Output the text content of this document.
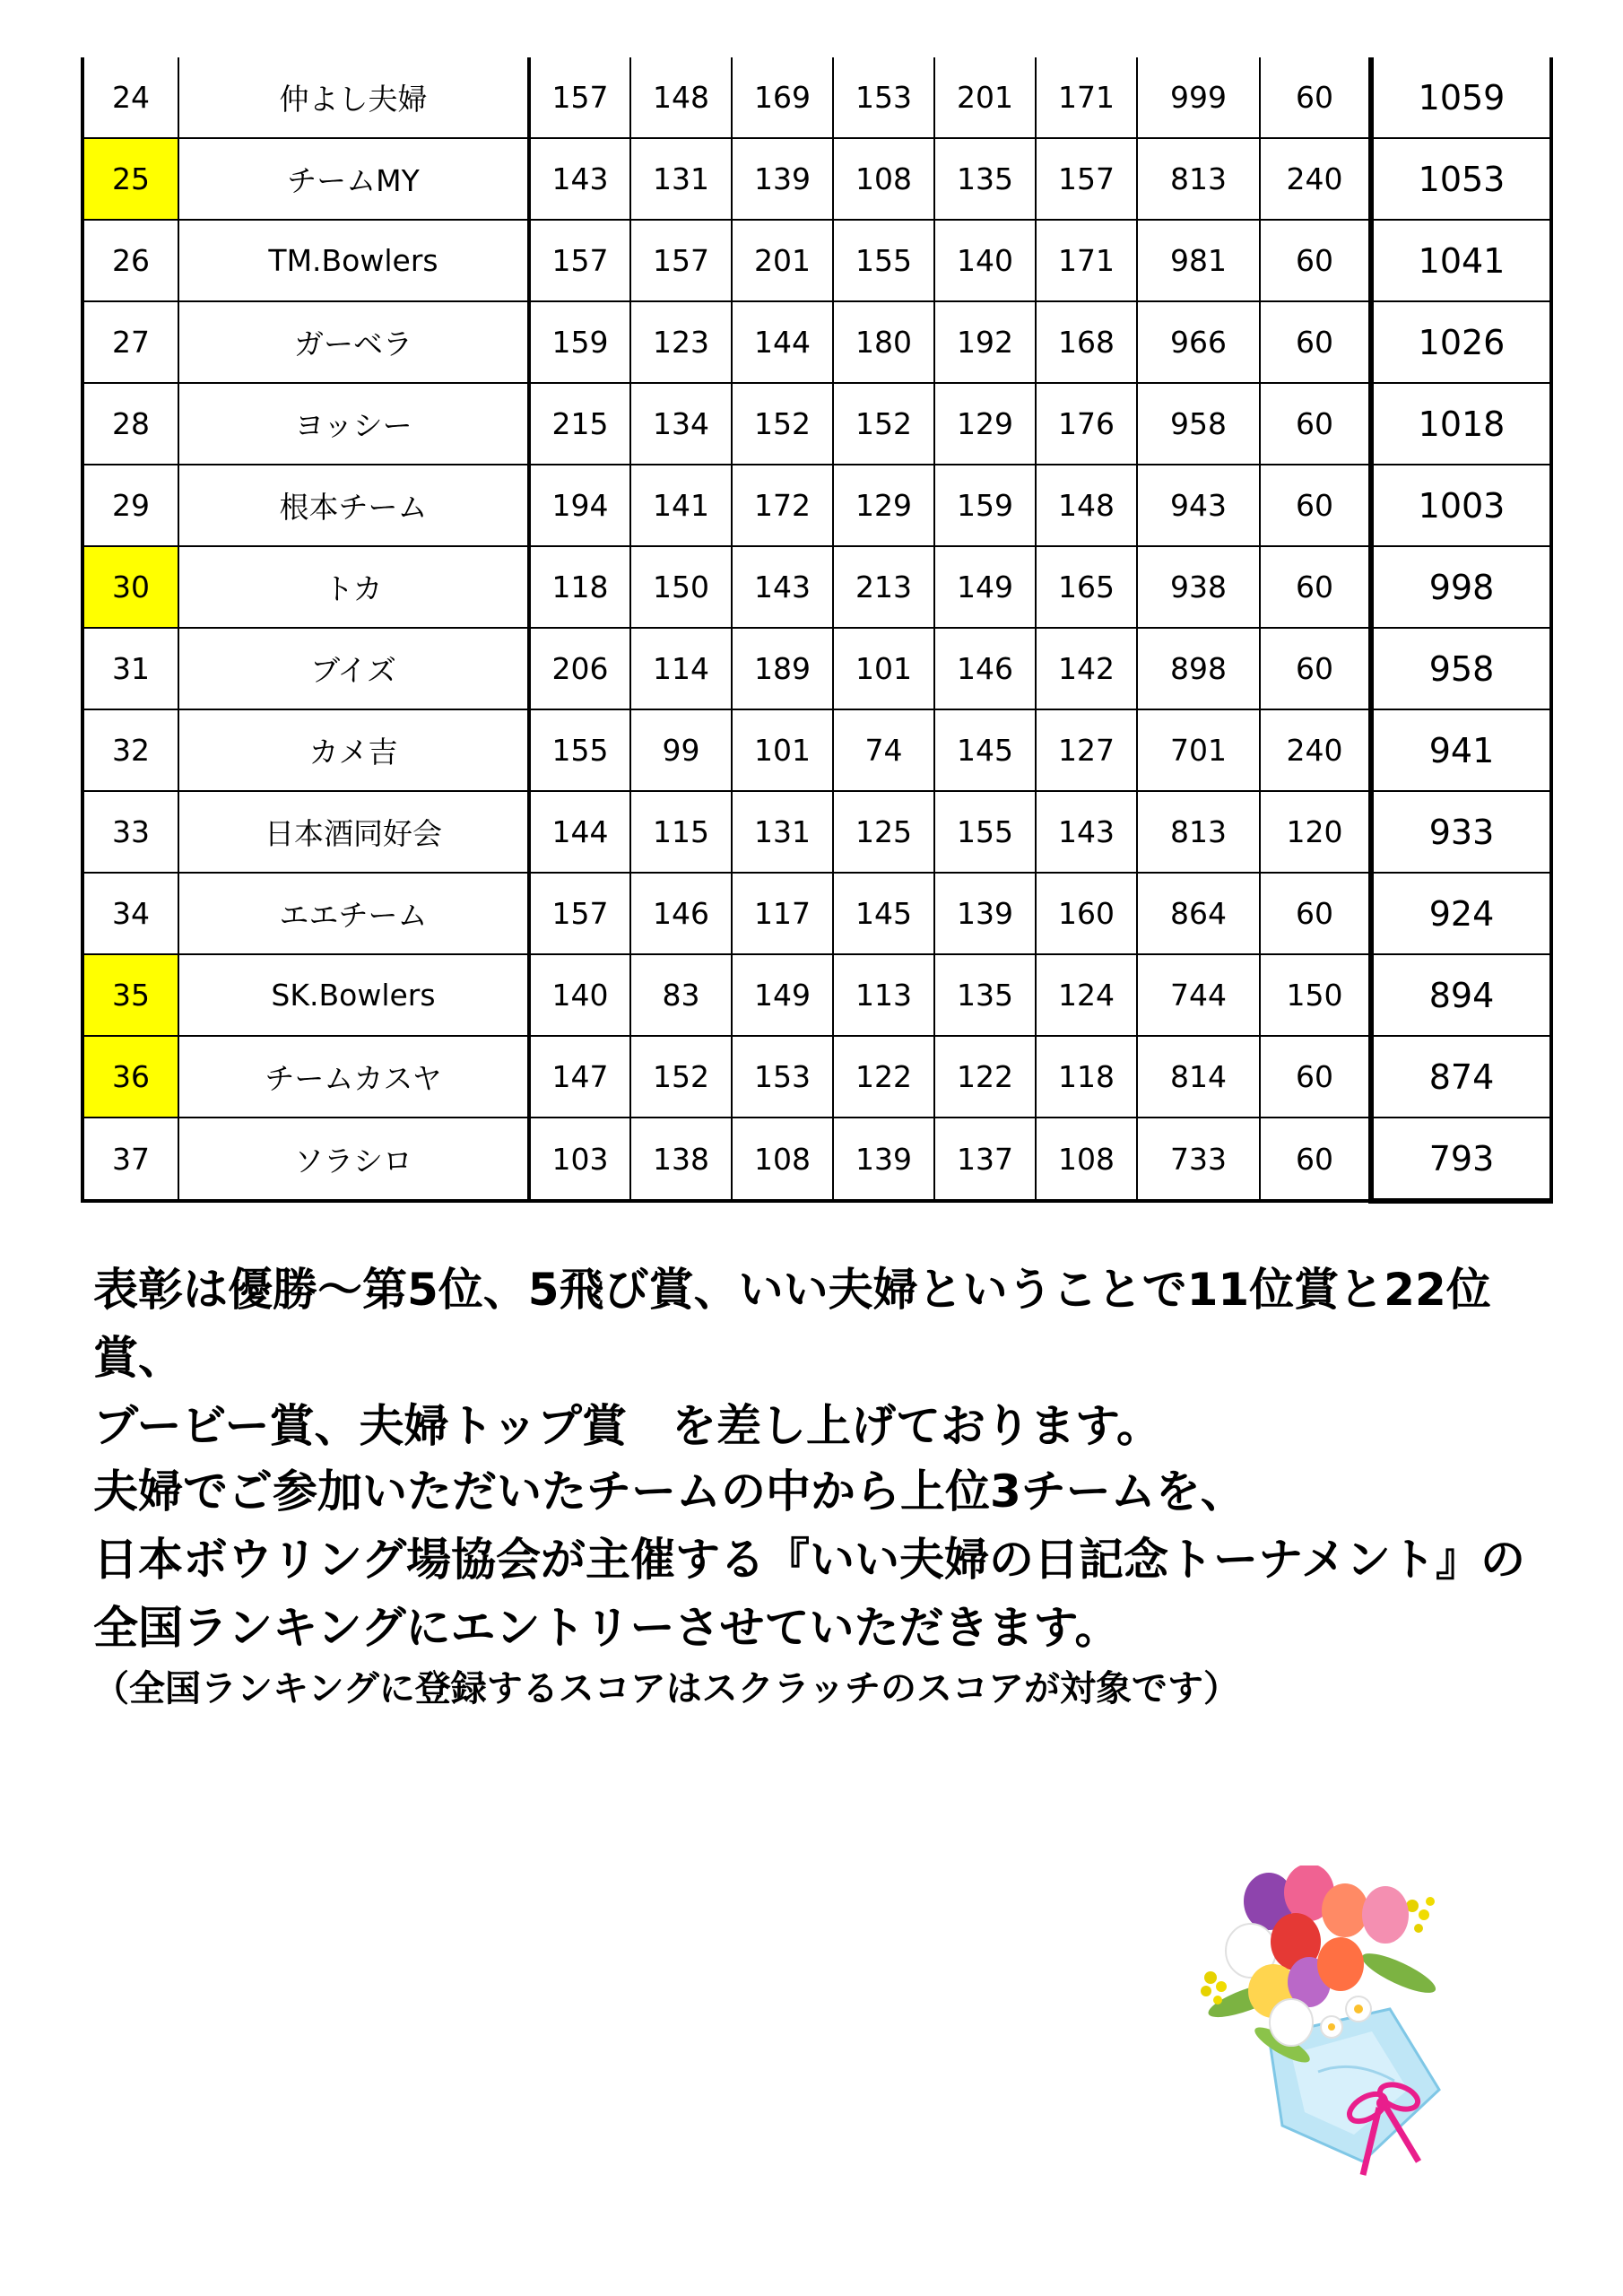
24	仲よし夫婦	157	148	169	153	201	171	999	60	1059
25	チームMY	143	131	139	108	135	157	813	240	1053
26	TM.Bowlers	157	157	201	155	140	171	981	60	1041
27	ガーベラ	159	123	144	180	192	168	966	60	1026
28	ヨッシー	215	134	152	152	129	176	958	60	1018
29	根本チーム	194	141	172	129	159	148	943	60	1003
30	トカ	118	150	143	213	149	165	938	60	998
31	ブイズ	206	114	189	101	146	142	898	60	958
32	カメ吉	155	99	101	74	145	127	701	240	941
33	日本酒同好会	144	115	131	125	155	143	813	120	933
34	エエチーム	157	146	117	145	139	160	864	60	924
35	SK.Bowlers	140	83	149	113	135	124	744	150	894
36	チームカスヤ	147	152	153	122	122	118	814	60	874
37	ソラシロ	103	138	108	139	137	108	733	60	793

表彰は優勝～第5位、5飛び賞、いい夫婦ということで11位賞と22位賞、

ブービー賞、夫婦トップ賞　を差し上げております。

夫婦でご参加いただいたチームの中から上位3チームを、

日本ボウリング場協会が主催する『いい夫婦の日記念トーナメント』の

全国ランキングにエントリーさせていただきます。

（全国ランキングに登録するスコアはスクラッチのスコアが対象です）
